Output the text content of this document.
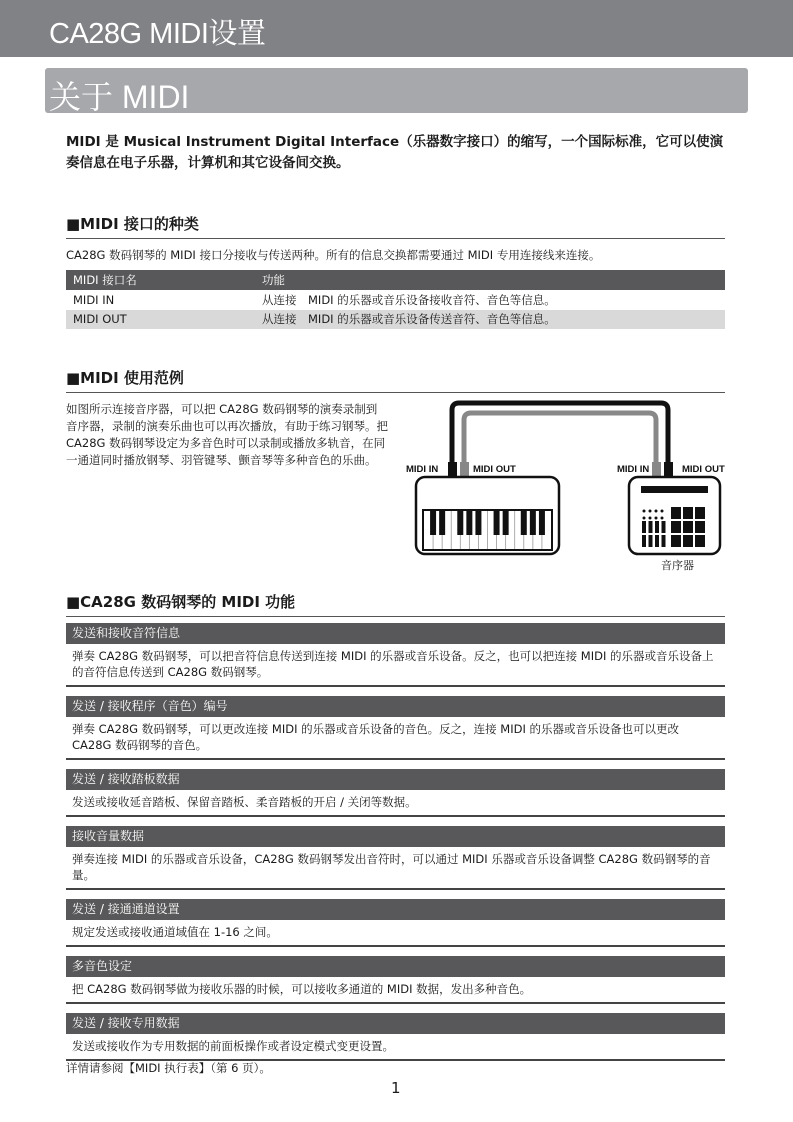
CA28G MIDI设置
关于 MIDI

MIDI 是 Musical Instrument Digital Interface（乐器数字接口）的缩写，一个国际标准，它可以使演奏信息在电子乐器，计算机和其它设备间交换。

■MIDI 接口的种类

CA28G 数码钢琴的 MIDI 接口分接收与传送两种。所有的信息交换都需要通过 MIDI 专用连接线来连接。

MIDI 接口名	功能
MIDI IN	从连接　MIDI 的乐器或音乐设备接收音符、音色等信息。
MIDI OUT	从连接　MIDI 的乐器或音乐设备传送音符、音色等信息。
■MIDI 使用范例

如图所示连接音序器，可以把 CA28G 数码钢琴的演奏录制到音序器，录制的演奏乐曲也可以再次播放，有助于练习钢琴。把 CA28G 数码钢琴设定为多音色时可以录制或播放多轨音，在同一通道同时播放钢琴、羽管键琴、颤音琴等多种音色的乐曲。

MIDI IN	MIDI OUT	MIDI IN	MIDI OUT
音序器
■CA28G 数码钢琴的 MIDI 功能
发送和接收音符信息
弹奏 CA28G 数码钢琴，可以把音符信息传送到连接 MIDI 的乐器或音乐设备。反之，也可以把连接 MIDI 的乐器或音乐设备上的音符信息传送到 CA28G 数码钢琴。
发送 / 接收程序（音色）编号
弹奏 CA28G 数码钢琴，可以更改连接 MIDI 的乐器或音乐设备的音色。反之，连接 MIDI 的乐器或音乐设备也可以更改 CA28G 数码钢琴的音色。
发送 / 接收踏板数据
发送或接收延音踏板、保留音踏板、柔音踏板的开启 / 关闭等数据。
接收音量数据
弹奏连接 MIDI 的乐器或音乐设备，CA28G 数码钢琴发出音符时，可以通过 MIDI 乐器或音乐设备调整 CA28G 数码钢琴的音量。
发送 / 接通通道设置
规定发送或接收通道域值在 1-16 之间。
多音色设定
把 CA28G 数码钢琴做为接收乐器的时候，可以接收多通道的 MIDI 数据，发出多种音色。
发送 / 接收专用数据
发送或接收作为专用数据的前面板操作或者设定模式变更设置。

详情请参阅【MIDI 执行表】（第 6 页）。

1
